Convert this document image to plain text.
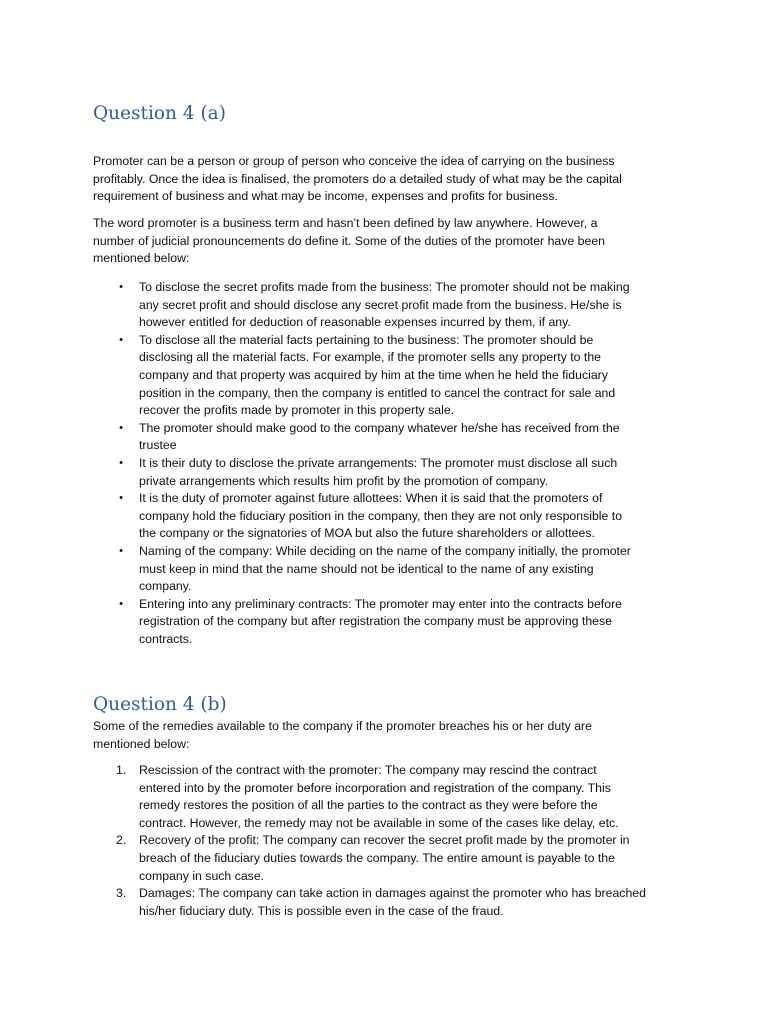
Question 4 (a)

Promoter can be a person or group of person who conceive the idea of carrying on the business
profitably. Once the idea is finalised, the promoters do a detailed study of what may be the capital
requirement of business and what may be income, expenses and profits for business.

The word promoter is a business term and hasn’t been defined by law anywhere. However, a
number of judicial pronouncements do define it. Some of the duties of the promoter have been
mentioned below:

•	To disclose the secret profits made from the business: The promoter should not be making
any secret profit and should disclose any secret profit made from the business. He/she is
however entitled for deduction of reasonable expenses incurred by them, if any.
•	To disclose all the material facts pertaining to the business: The promoter should be
disclosing all the material facts. For example, if the promoter sells any property to the
company and that property was acquired by him at the time when he held the fiduciary
position in the company, then the company is entitled to cancel the contract for sale and
recover the profits made by promoter in this property sale.
•	The promoter should make good to the company whatever he/she has received from the
trustee
•	It is their duty to disclose the private arrangements: The promoter must disclose all such
private arrangements which results him profit by the promotion of company.
•	It is the duty of promoter against future allottees: When it is said that the promoters of
company hold the fiduciary position in the company, then they are not only responsible to
the company or the signatories of MOA but also the future shareholders or allottees.
•	Naming of the company: While deciding on the name of the company initially, the promoter
must keep in mind that the name should not be identical to the name of any existing
company.
•	Entering into any preliminary contracts: The promoter may enter into the contracts before
registration of the company but after registration the company must be approving these
contracts.
Question 4 (b)

Some of the remedies available to the company if the promoter breaches his or her duty are
mentioned below:

1.	Rescission of the contract with the promoter: The company may rescind the contract
entered into by the promoter before incorporation and registration of the company. This
remedy restores the position of all the parties to the contract as they were before the
contract. However, the remedy may not be available in some of the cases like delay, etc.
2.	Recovery of the profit: The company can recover the secret profit made by the promoter in
breach of the fiduciary duties towards the company. The entire amount is payable to the
company in such case.
3.	Damages: The company can take action in damages against the promoter who has breached
his/her fiduciary duty. This is possible even in the case of the fraud.
